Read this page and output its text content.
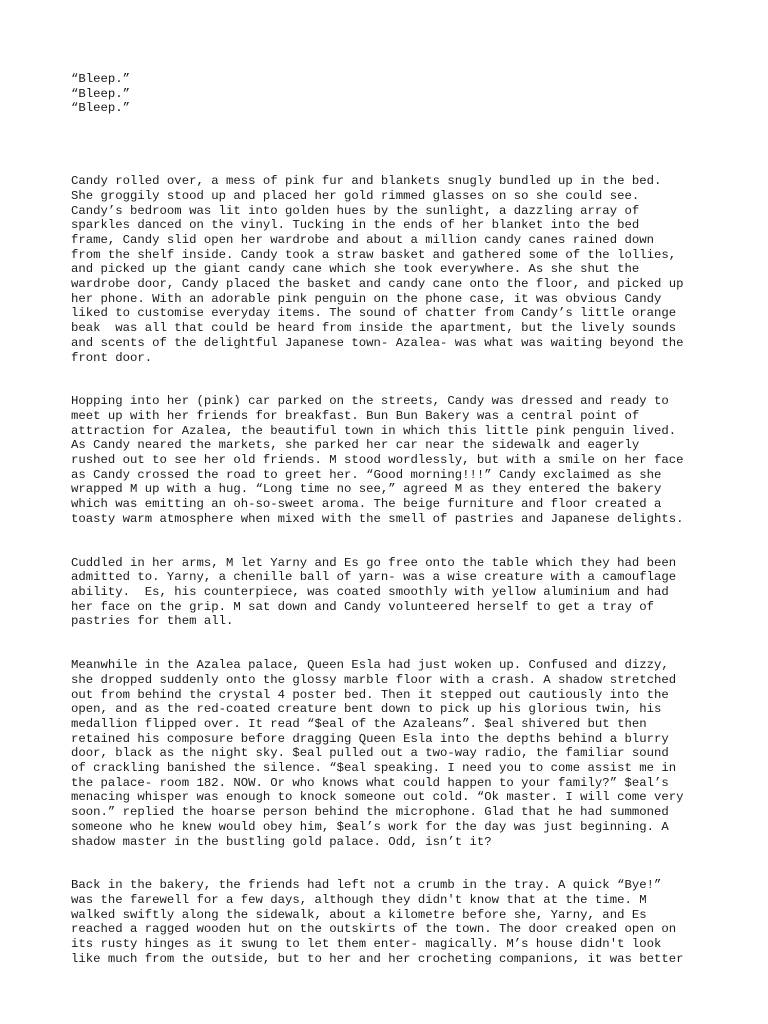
“Bleep.”
“Bleep.”
“Bleep.”
Candy rolled over, a mess of pink fur and blankets snugly bundled up in the bed.
She groggily stood up and placed her gold rimmed glasses on so she could see.
Candy’s bedroom was lit into golden hues by the sunlight, a dazzling array of
sparkles danced on the vinyl. Tucking in the ends of her blanket into the bed
frame, Candy slid open her wardrobe and about a million candy canes rained down
from the shelf inside. Candy took a straw basket and gathered some of the lollies,
and picked up the giant candy cane which she took everywhere. As she shut the
wardrobe door, Candy placed the basket and candy cane onto the floor, and picked up
her phone. With an adorable pink penguin on the phone case, it was obvious Candy
liked to customise everyday items. The sound of chatter from Candy’s little orange
beak  was all that could be heard from inside the apartment, but the lively sounds
and scents of the delightful Japanese town- Azalea- was what was waiting beyond the
front door.
Hopping into her (pink) car parked on the streets, Candy was dressed and ready to
meet up with her friends for breakfast. Bun Bun Bakery was a central point of
attraction for Azalea, the beautiful town in which this little pink penguin lived.
As Candy neared the markets, she parked her car near the sidewalk and eagerly
rushed out to see her old friends. M stood wordlessly, but with a smile on her face
as Candy crossed the road to greet her. “Good morning!!!” Candy exclaimed as she
wrapped M up with a hug. “Long time no see,” agreed M as they entered the bakery
which was emitting an oh-so-sweet aroma. The beige furniture and floor created a
toasty warm atmosphere when mixed with the smell of pastries and Japanese delights.
Cuddled in her arms, M let Yarny and Es go free onto the table which they had been
admitted to. Yarny, a chenille ball of yarn- was a wise creature with a camouflage
ability.  Es, his counterpiece, was coated smoothly with yellow aluminium and had
her face on the grip. M sat down and Candy volunteered herself to get a tray of
pastries for them all.
Meanwhile in the Azalea palace, Queen Esla had just woken up. Confused and dizzy,
she dropped suddenly onto the glossy marble floor with a crash. A shadow stretched
out from behind the crystal 4 poster bed. Then it stepped out cautiously into the
open, and as the red-coated creature bent down to pick up his glorious twin, his
medallion flipped over. It read “$eal of the Azaleans”. $eal shivered but then
retained his composure before dragging Queen Esla into the depths behind a blurry
door, black as the night sky. $eal pulled out a two-way radio, the familiar sound
of crackling banished the silence. “$eal speaking. I need you to come assist me in
the palace- room 182. NOW. Or who knows what could happen to your family?” $eal’s
menacing whisper was enough to knock someone out cold. “Ok master. I will come very
soon.” replied the hoarse person behind the microphone. Glad that he had summoned
someone who he knew would obey him, $eal’s work for the day was just beginning. A
shadow master in the bustling gold palace. Odd, isn’t it?
Back in the bakery, the friends had left not a crumb in the tray. A quick “Bye!”
was the farewell for a few days, although they didn't know that at the time. M
walked swiftly along the sidewalk, about a kilometre before she, Yarny, and Es
reached a ragged wooden hut on the outskirts of the town. The door creaked open on
its rusty hinges as it swung to let them enter- magically. M’s house didn't look
like much from the outside, but to her and her crocheting companions, it was better
